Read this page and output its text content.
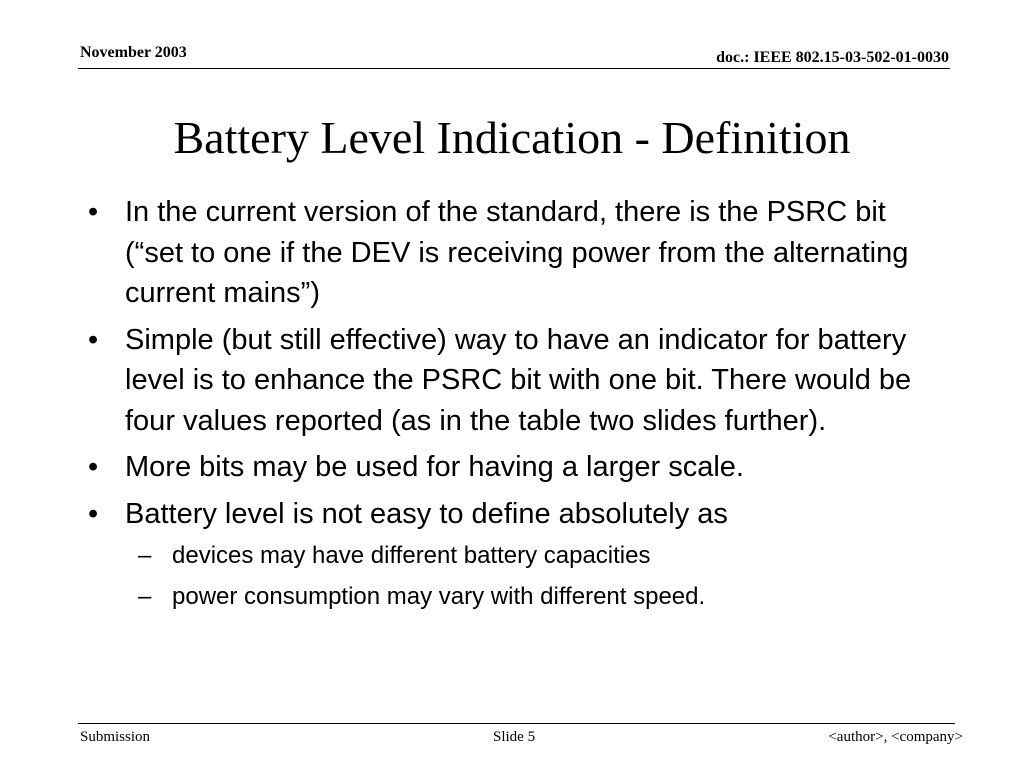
November 2003	doc.: IEEE 802.15-03-502-01-0030
Battery Level Indication - Definition
• In the current version of the standard, there is the PSRC bit (“set to one if the DEV is receiving power from the alternating current mains”)
• Simple (but still effective) way to have an indicator for battery level is to enhance the PSRC bit with one bit. There would be four values reported (as in the table two slides further).
• More bits may be used for having a larger scale.
• Battery level is not easy to define absolutely as
– devices may have different battery capacities
– power consumption may vary with different speed.
Submission	Slide 5	<author>, <company>
